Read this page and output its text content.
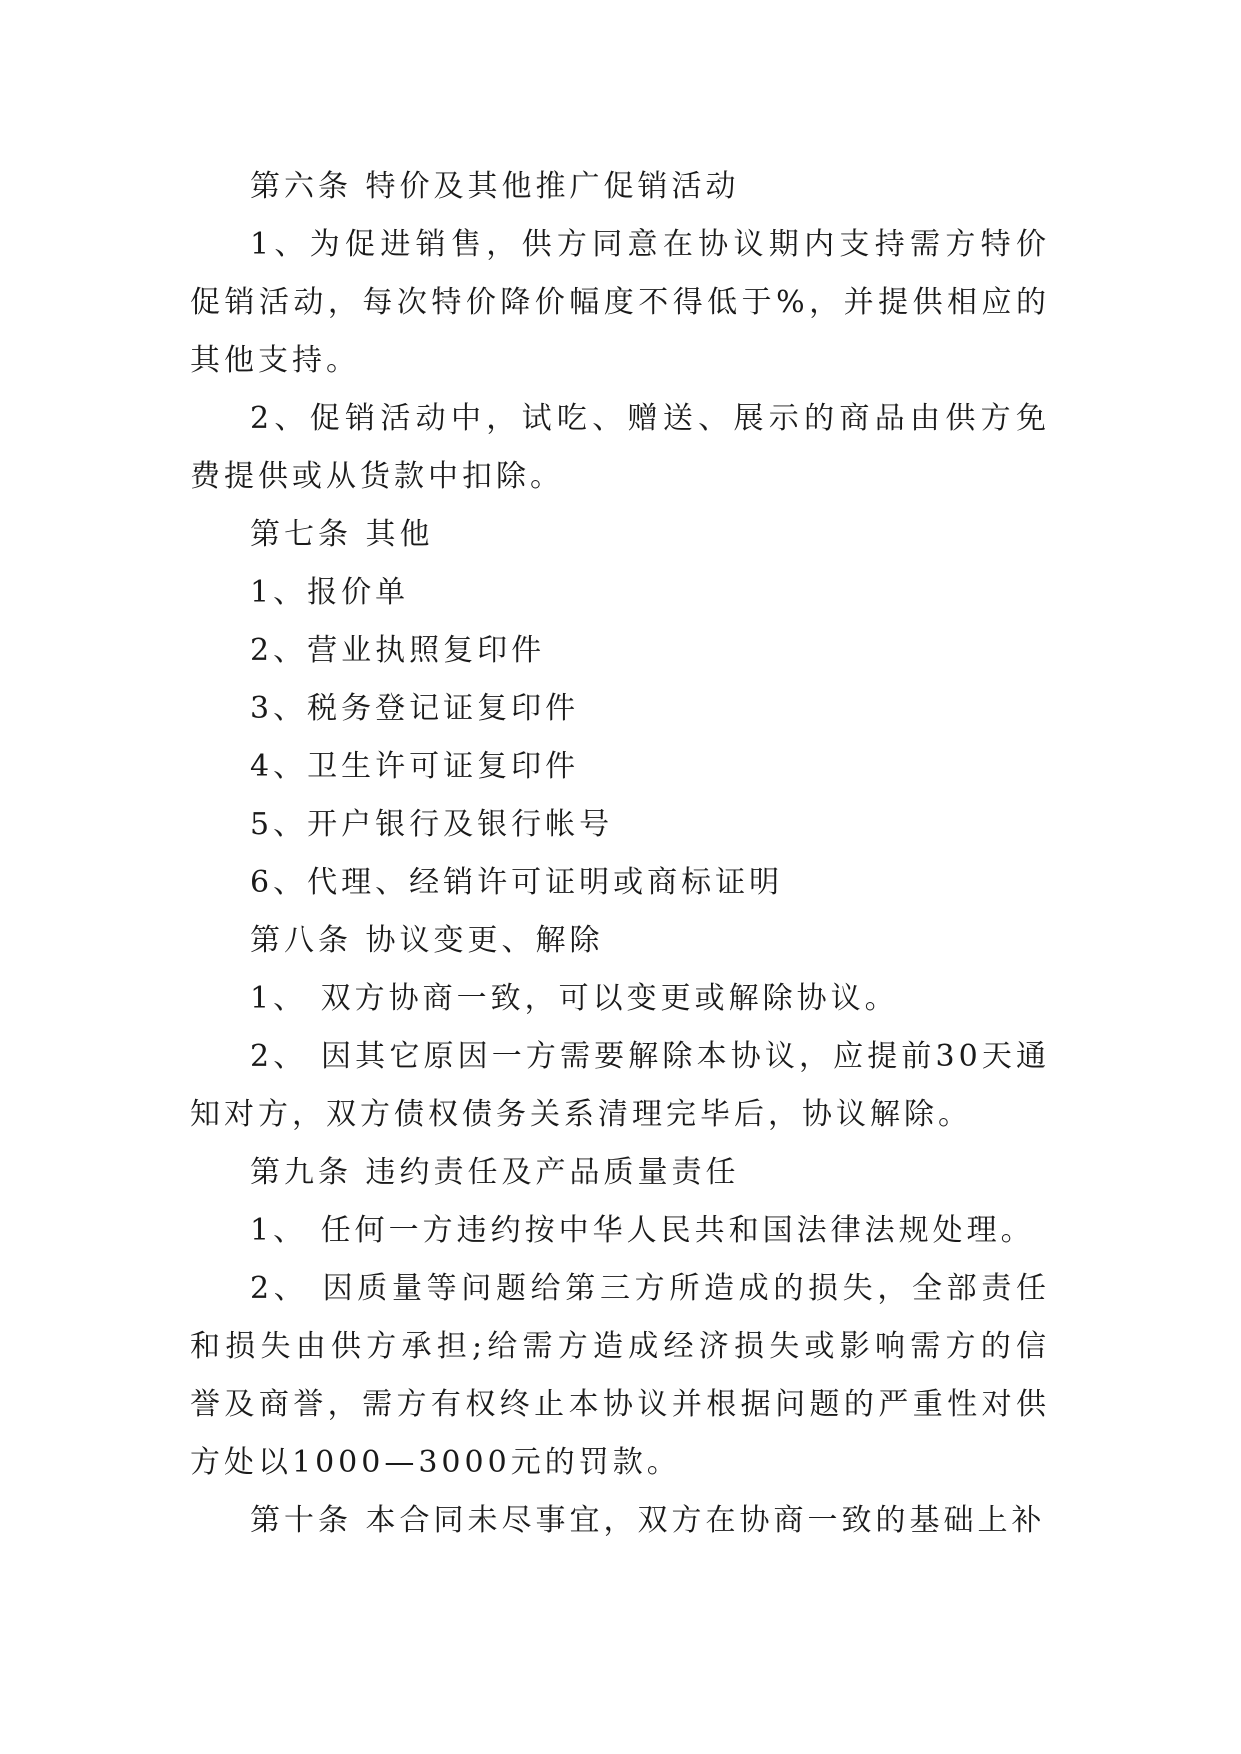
第六条 特价及其他推广促销活动

1、为促进销售，供方同意在协议期内支持需方特价促销活动，每次特价降价幅度不得低于%，并提供相应的其他支持。

2、促销活动中，试吃、赠送、展示的商品由供方免费提供或从货款中扣除。

第七条 其他

1、报价单

2、营业执照复印件

3、税务登记证复印件

4、卫生许可证复印件

5、开户银行及银行帐号

6、代理、经销许可证明或商标证明

第八条 协议变更、解除

1、 双方协商一致，可以变更或解除协议。

2、 因其它原因一方需要解除本协议，应提前30天通知对方，双方债权债务关系清理完毕后，协议解除。

第九条 违约责任及产品质量责任

1、 任何一方违约按中华人民共和国法律法规处理。

2、 因质量等问题给第三方所造成的损失，全部责任和损失由供方承担;给需方造成经济损失或影响需方的信誉及商誉，需方有权终止本协议并根据问题的严重性对供方处以1000—3000元的罚款。

第十条 本合同未尽事宜，双方在协商一致的基础上补
